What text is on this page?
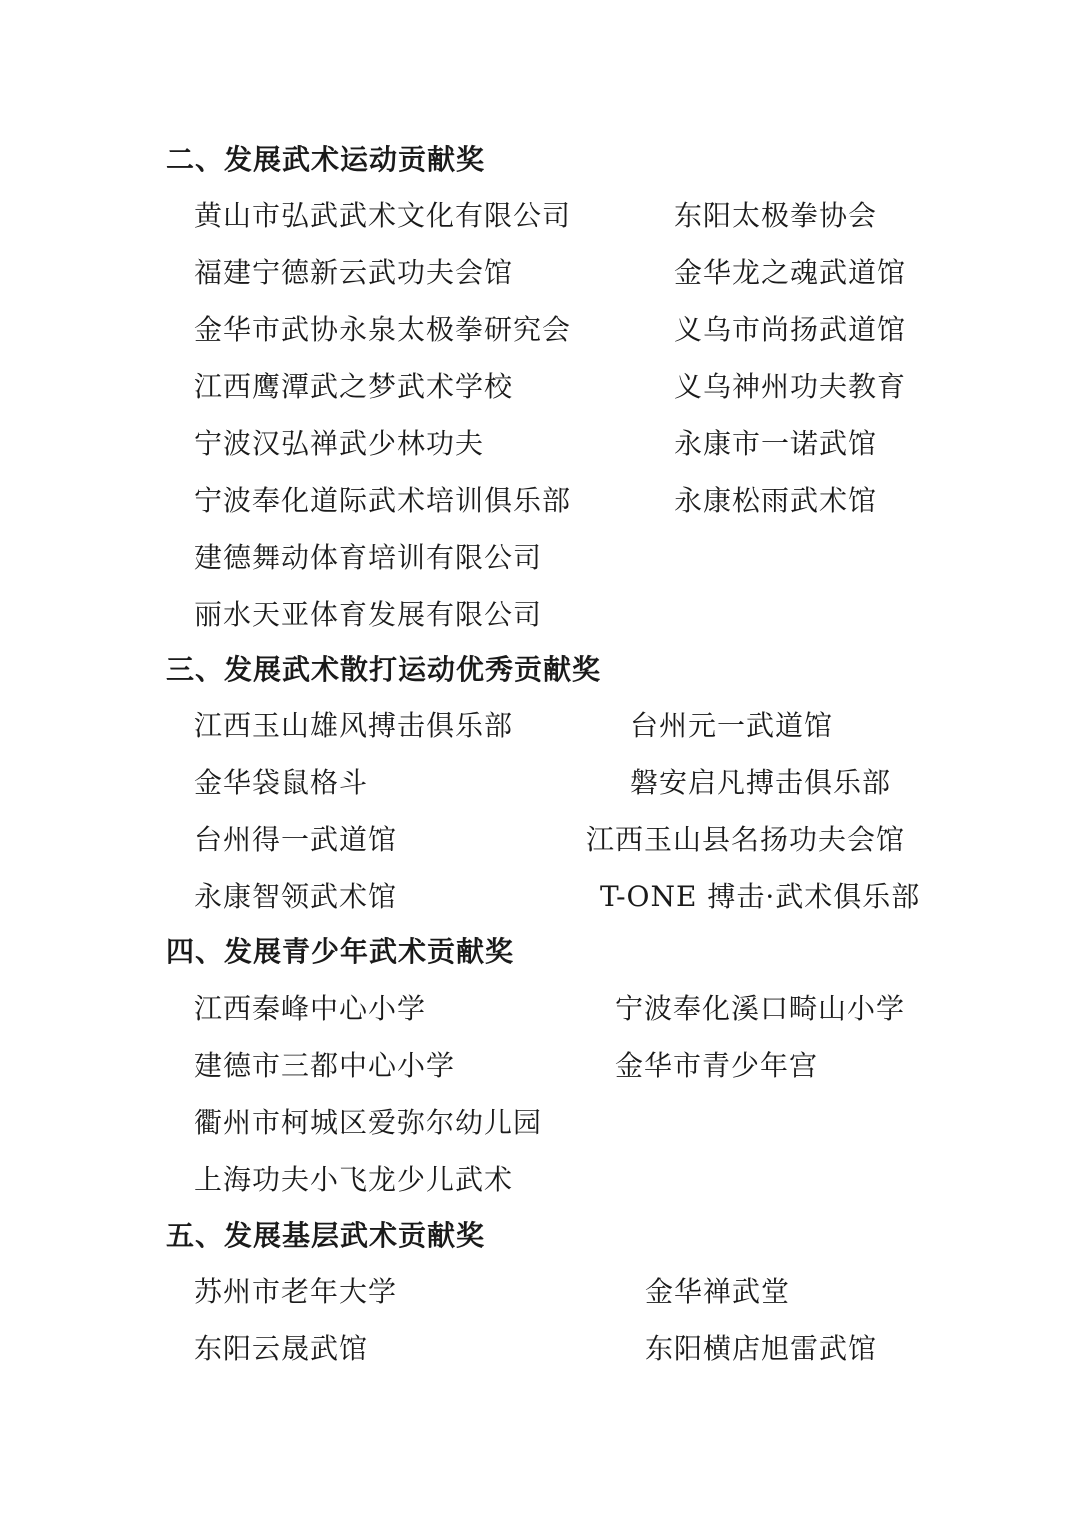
二、发展武术运动贡献奖
黄山市弘武武术文化有限公司
福建宁德新云武功夫会馆
金华市武协永泉太极拳研究会
江西鹰潭武之梦武术学校
宁波汉弘禅武少林功夫
宁波奉化道际武术培训俱乐部
建德舞动体育培训有限公司
丽水天亚体育发展有限公司
东阳太极拳协会
金华龙之魂武道馆
义乌市尚扬武道馆
义乌神州功夫教育
永康市一诺武馆
永康松雨武术馆
三、发展武术散打运动优秀贡献奖
江西玉山雄风搏击俱乐部
金华袋鼠格斗
台州得一武道馆
永康智领武术馆
台州元一武道馆
磐安启凡搏击俱乐部
江西玉山县名扬功夫会馆
T-ONE 搏击·武术俱乐部
四、发展青少年武术贡献奖
江西秦峰中心小学
建德市三都中心小学
衢州市柯城区爱弥尔幼儿园
上海功夫小飞龙少儿武术
宁波奉化溪口畸山小学
金华市青少年宫
五、发展基层武术贡献奖
苏州市老年大学
东阳云晟武馆
金华禅武堂
东阳横店旭雷武馆
